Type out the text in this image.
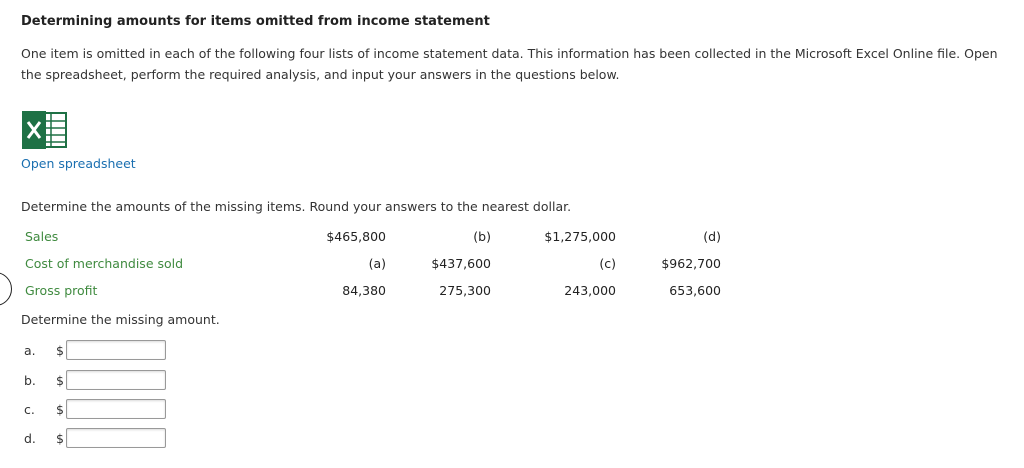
Determining amounts for items omitted from income statement
One item is omitted in each of the following four lists of income statement data. This information has been collected in the Microsoft Excel Online file. Open the spreadsheet, perform the required analysis, and input your answers in the questions below.
Open spreadsheet
Determine the amounts of the missing items. Round your answers to the nearest dollar.
Sales	$465,800	(b)	$1,275,000	(d)
Cost of merchandise sold	(a)	$437,600	(c)	$962,700
Gross profit	84,380	275,300	243,000	653,600
Determine the missing amount.
a. $
b. $
c. $
d. $
